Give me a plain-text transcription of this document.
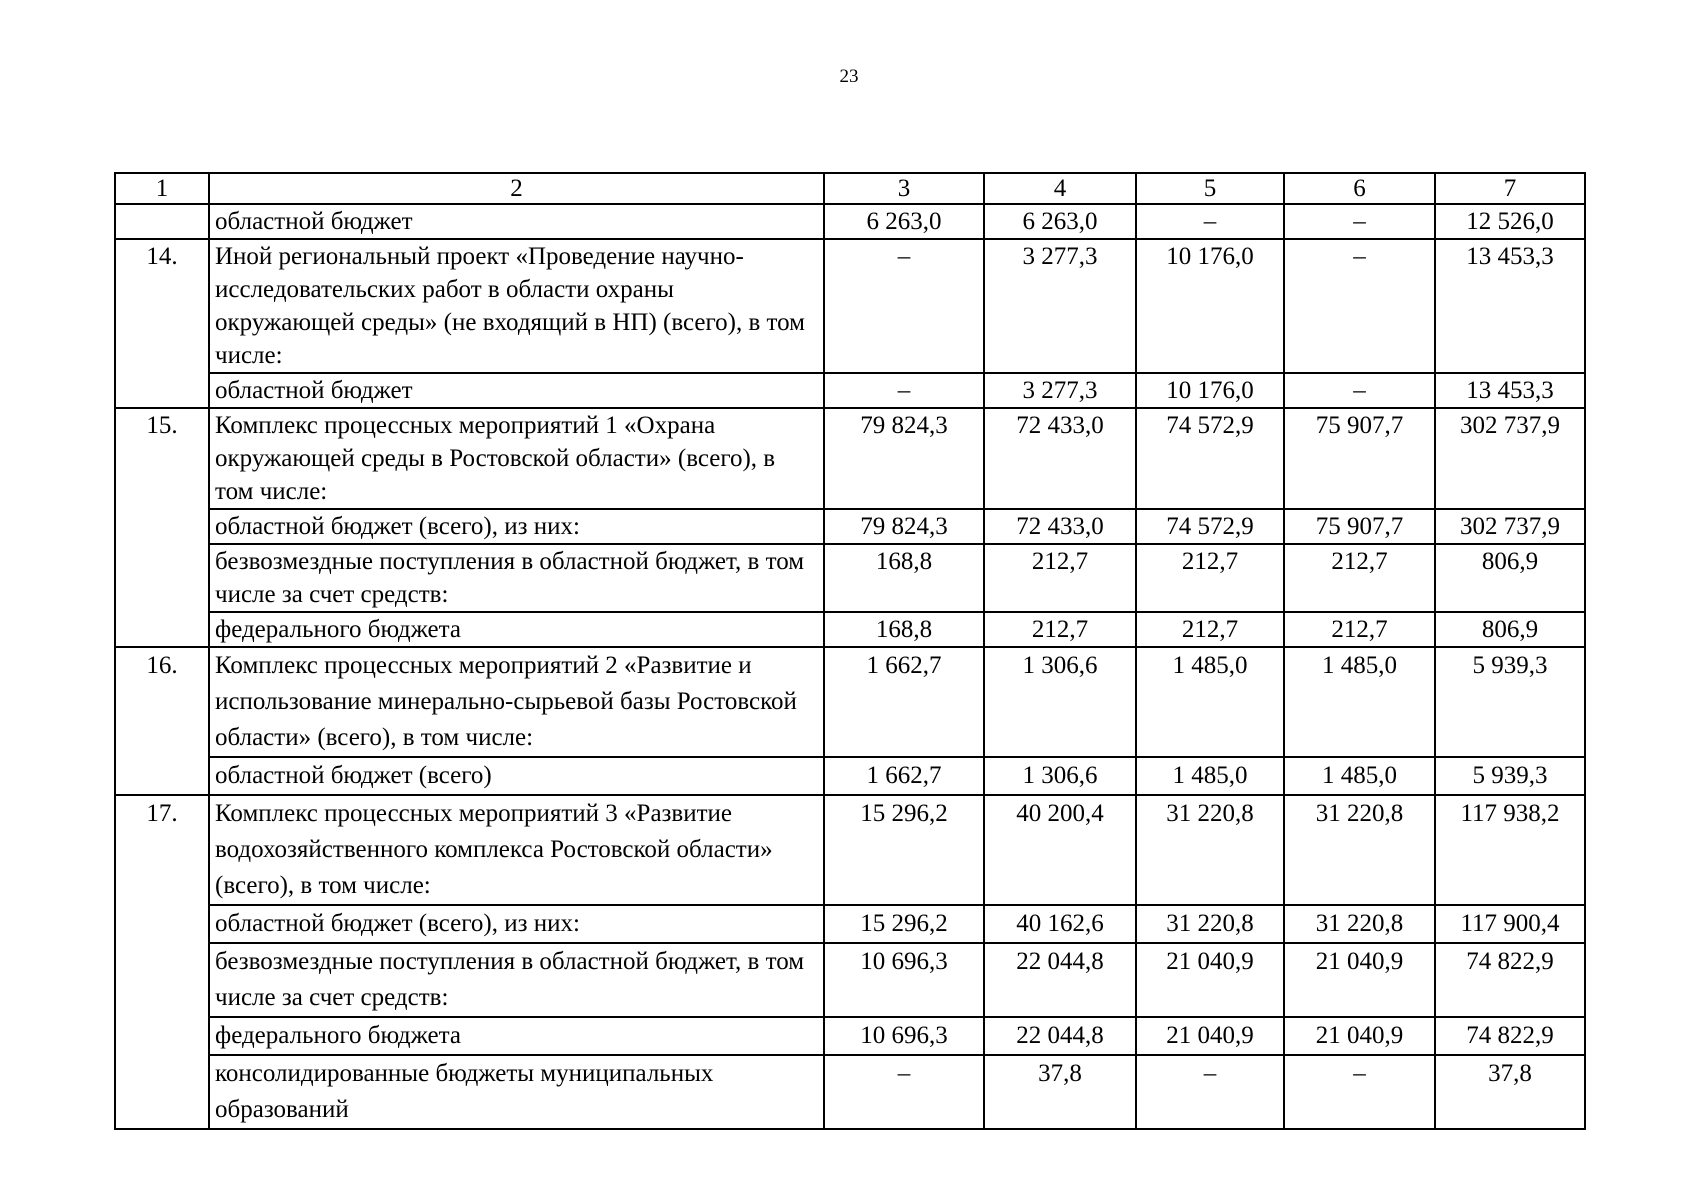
23
1	2	3	4	5	6	7
	областной бюджет	6 263,0	6 263,0	–	–	12 526,0
14.	Иной региональный проект «Проведение научно-исследовательских работ в области охраны окружающей среды» (не входящий в НП) (всего), в том числе:	–	3 277,3	10 176,0	–	13 453,3
	областной бюджет	–	3 277,3	10 176,0	–	13 453,3
15.	Комплекс процессных мероприятий 1 «Охрана окружающей среды в Ростовской области» (всего), в том числе:	79 824,3	72 433,0	74 572,9	75 907,7	302 737,9
	областной бюджет (всего), из них:	79 824,3	72 433,0	74 572,9	75 907,7	302 737,9
	безвозмездные поступления в областной бюджет, в том числе за счет средств:	168,8	212,7	212,7	212,7	806,9
	федерального бюджета	168,8	212,7	212,7	212,7	806,9
16.	Комплекс процессных мероприятий 2 «Развитие и использование минерально-сырьевой базы Ростовской области» (всего), в том числе:	1 662,7	1 306,6	1 485,0	1 485,0	5 939,3
	областной бюджет (всего)	1 662,7	1 306,6	1 485,0	1 485,0	5 939,3
17.	Комплекс процессных мероприятий 3 «Развитие водохозяйственного комплекса Ростовской области» (всего), в том числе:	15 296,2	40 200,4	31 220,8	31 220,8	117 938,2
	областной бюджет (всего), из них:	15 296,2	40 162,6	31 220,8	31 220,8	117 900,4
	безвозмездные поступления в областной бюджет, в том числе за счет средств:	10 696,3	22 044,8	21 040,9	21 040,9	74 822,9
	федерального бюджета	10 696,3	22 044,8	21 040,9	21 040,9	74 822,9
	консолидированные бюджеты муниципальных образований	–	37,8	–	–	37,8
